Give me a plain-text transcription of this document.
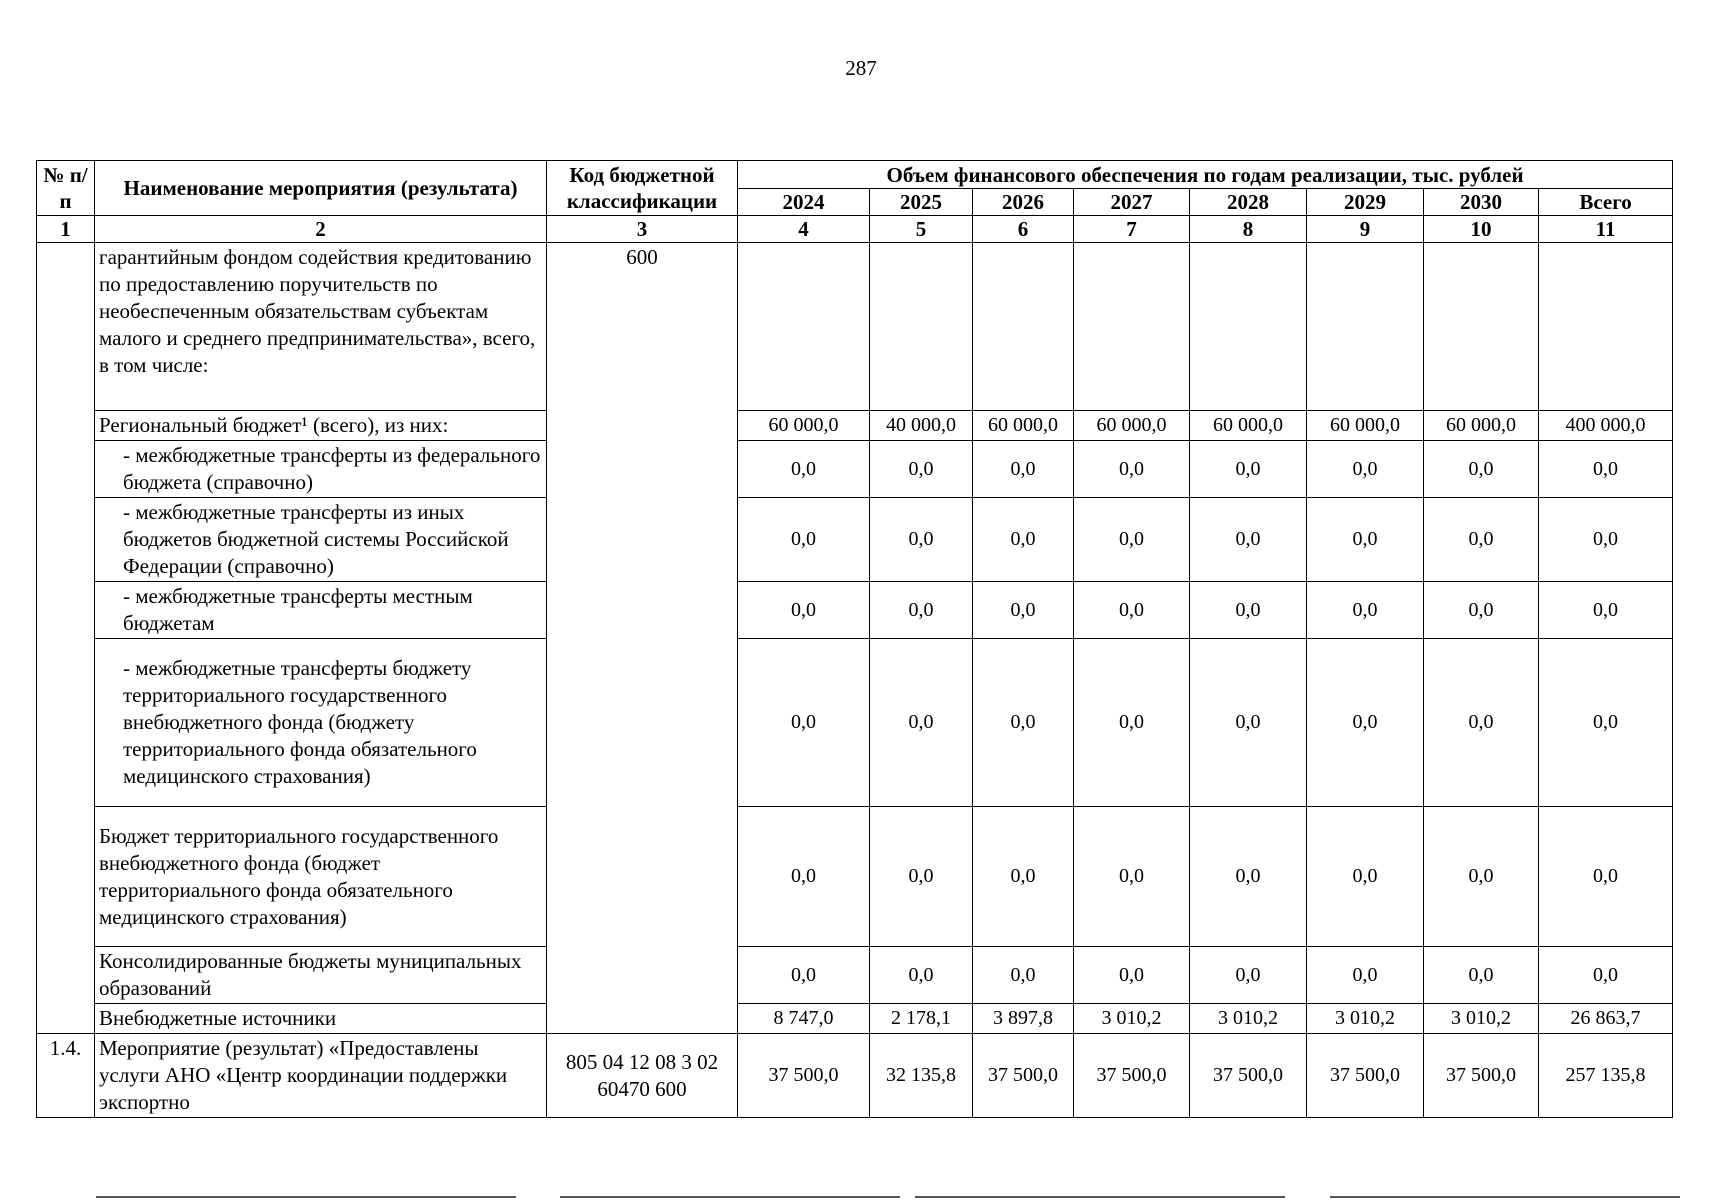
287
№ п/п	Наименование мероприятия (результата)	Код бюджетной классификации	Объем финансового обеспечения по годам реализации, тыс. рублей							
			2024	2025	2026	2027	2028	2029	2030	Всего
1	2	3	4	5	6	7	8	9	10	11
	гарантийным фондом содействия кредитованию по предоставлению поручительств по необеспеченным обязательствам субъектам малого и среднего предпринимательства», всего, в том числе:	600								
	Региональный бюджет¹ (всего), из них:		60 000,0	40 000,0	60 000,0	60 000,0	60 000,0	60 000,0	60 000,0	400 000,0
	- межбюджетные трансферты из федерального бюджета (справочно)		0,0	0,0	0,0	0,0	0,0	0,0	0,0	0,0
	- межбюджетные трансферты из иных бюджетов бюджетной системы Российской Федерации (справочно)		0,0	0,0	0,0	0,0	0,0	0,0	0,0	0,0
	- межбюджетные трансферты местным бюджетам		0,0	0,0	0,0	0,0	0,0	0,0	0,0	0,0
	- межбюджетные трансферты бюджету территориального государственного внебюджетного фонда (бюджету территориального фонда обязательного медицинского страхования)		0,0	0,0	0,0	0,0	0,0	0,0	0,0	0,0
	Бюджет территориального государственного внебюджетного фонда (бюджет территориального фонда обязательного медицинского страхования)		0,0	0,0	0,0	0,0	0,0	0,0	0,0	0,0
	Консолидированные бюджеты муниципальных образований		0,0	0,0	0,0	0,0	0,0	0,0	0,0	0,0
	Внебюджетные источники		8 747,0	2 178,1	3 897,8	3 010,2	3 010,2	3 010,2	3 010,2	26 863,7
1.4.	Мероприятие (результат) «Предоставлены услуги АНО «Центр координации поддержки экспортно	805 04 12 08 3 02 60470 600	37 500,0	32 135,8	37 500,0	37 500,0	37 500,0	37 500,0	37 500,0	257 135,8
